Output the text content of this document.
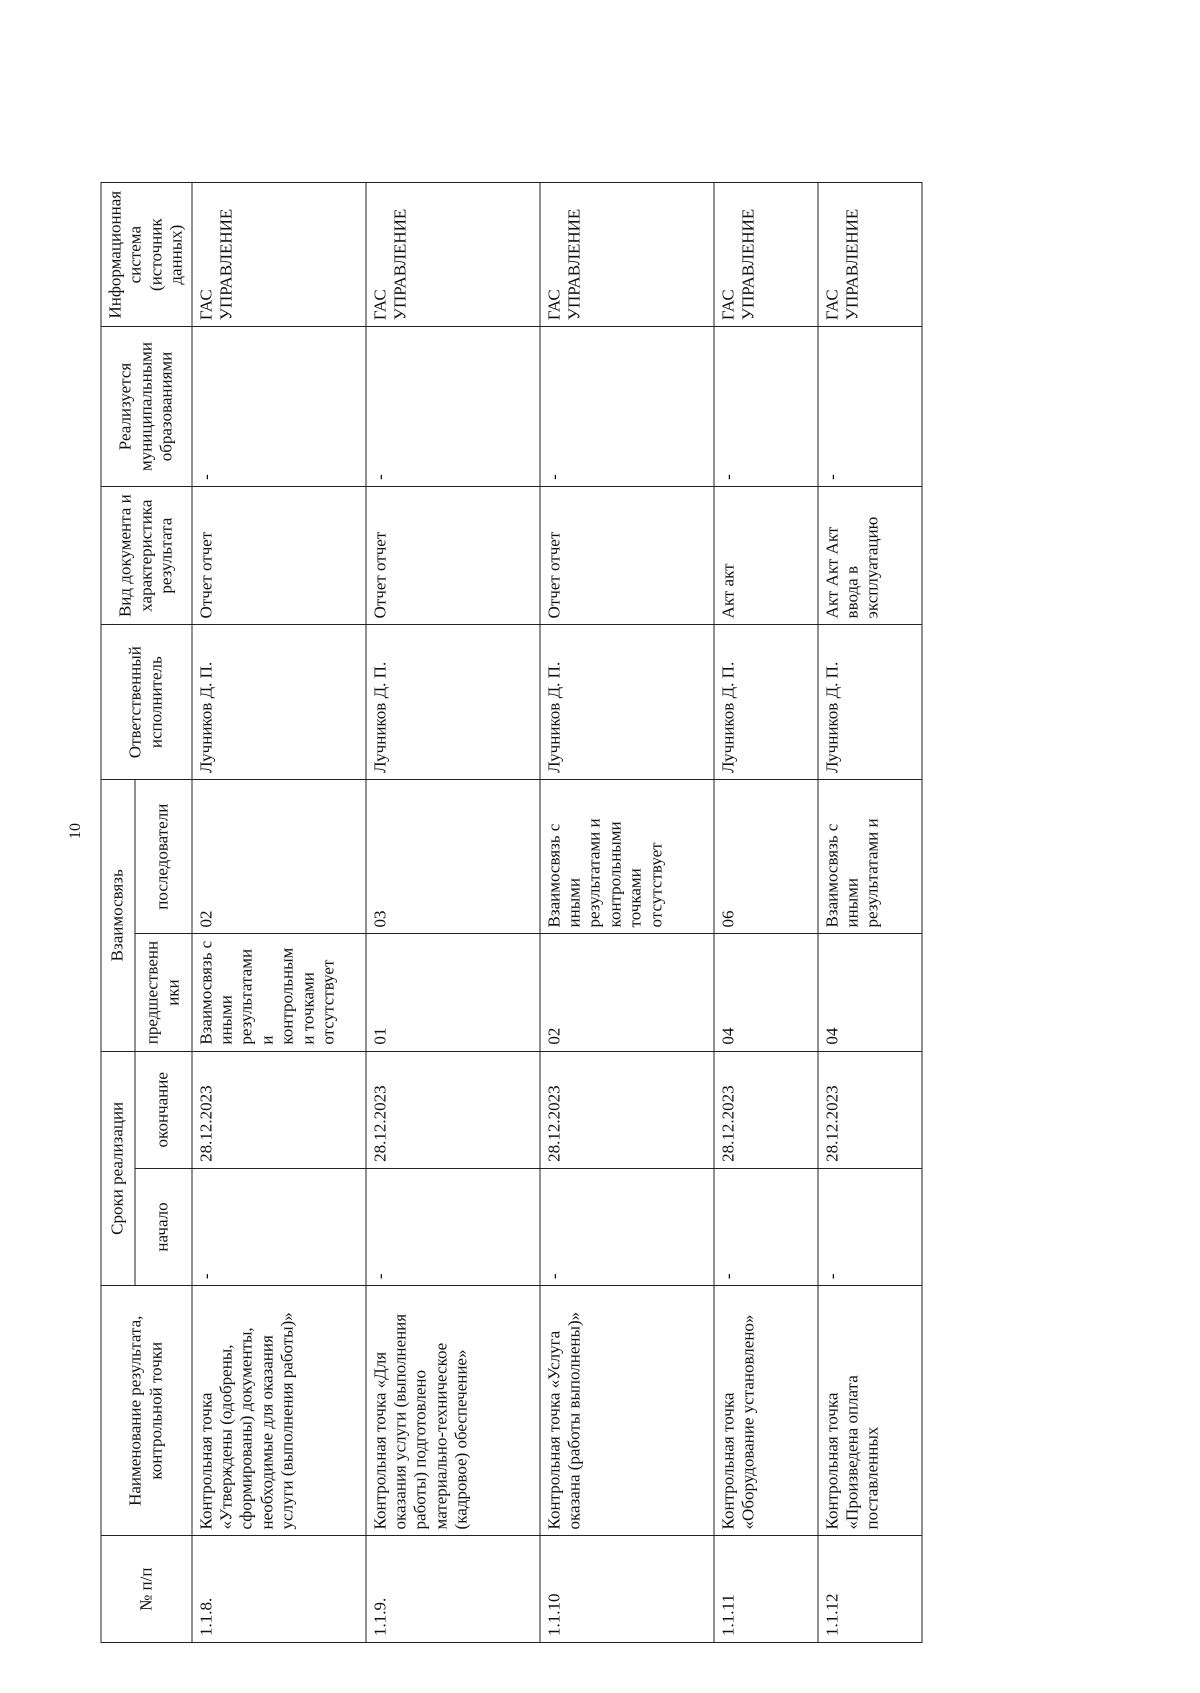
10
№ п/п	Наименование результата, контрольной точки	Сроки реализации		Взаимосвязь		Ответственный исполнитель	Вид документа и характеристика результата	Реализуется муниципальными образованиями	Информационная система (источник данных)
		начало	окончание	предшественники	последователи				
1.1.8.	Контрольная точка «Утверждены (одобрены, сформированы) документы, необходимые для оказания услуги (выполнения работы)»	-	28.12.2023	Взаимосвязь с иными результатами и контрольными точками отсутствует	02	Лучников Д. П.	Отчет отчет	-	ГАС УПРАВЛЕНИЕ
1.1.9.	Контрольная точка «Для оказания услуги (выполнения работы) подготовлено материально-техническое (кадровое) обеспечение»	-	28.12.2023	01	03	Лучников Д. П.	Отчет отчет	-	ГАС УПРАВЛЕНИЕ
1.1.10	Контрольная точка «Услуга оказана (работы выполнены)»	-	28.12.2023	02	Взаимосвязь с иными результатами и контрольными точками отсутствует	Лучников Д. П.	Отчет отчет	-	ГАС УПРАВЛЕНИЕ
1.1.11	Контрольная точка «Оборудование установлено»	-	28.12.2023	04	06	Лучников Д. П.	Акт акт	-	ГАС УПРАВЛЕНИЕ
1.1.12	Контрольная точка «Произведена оплата поставленных	-	28.12.2023	04	Взаимосвязь с иными результатами и	Лучников Д. П.	Акт Акт Акт ввода в эксплуатацию	-	ГАС УПРАВЛЕНИЕ
